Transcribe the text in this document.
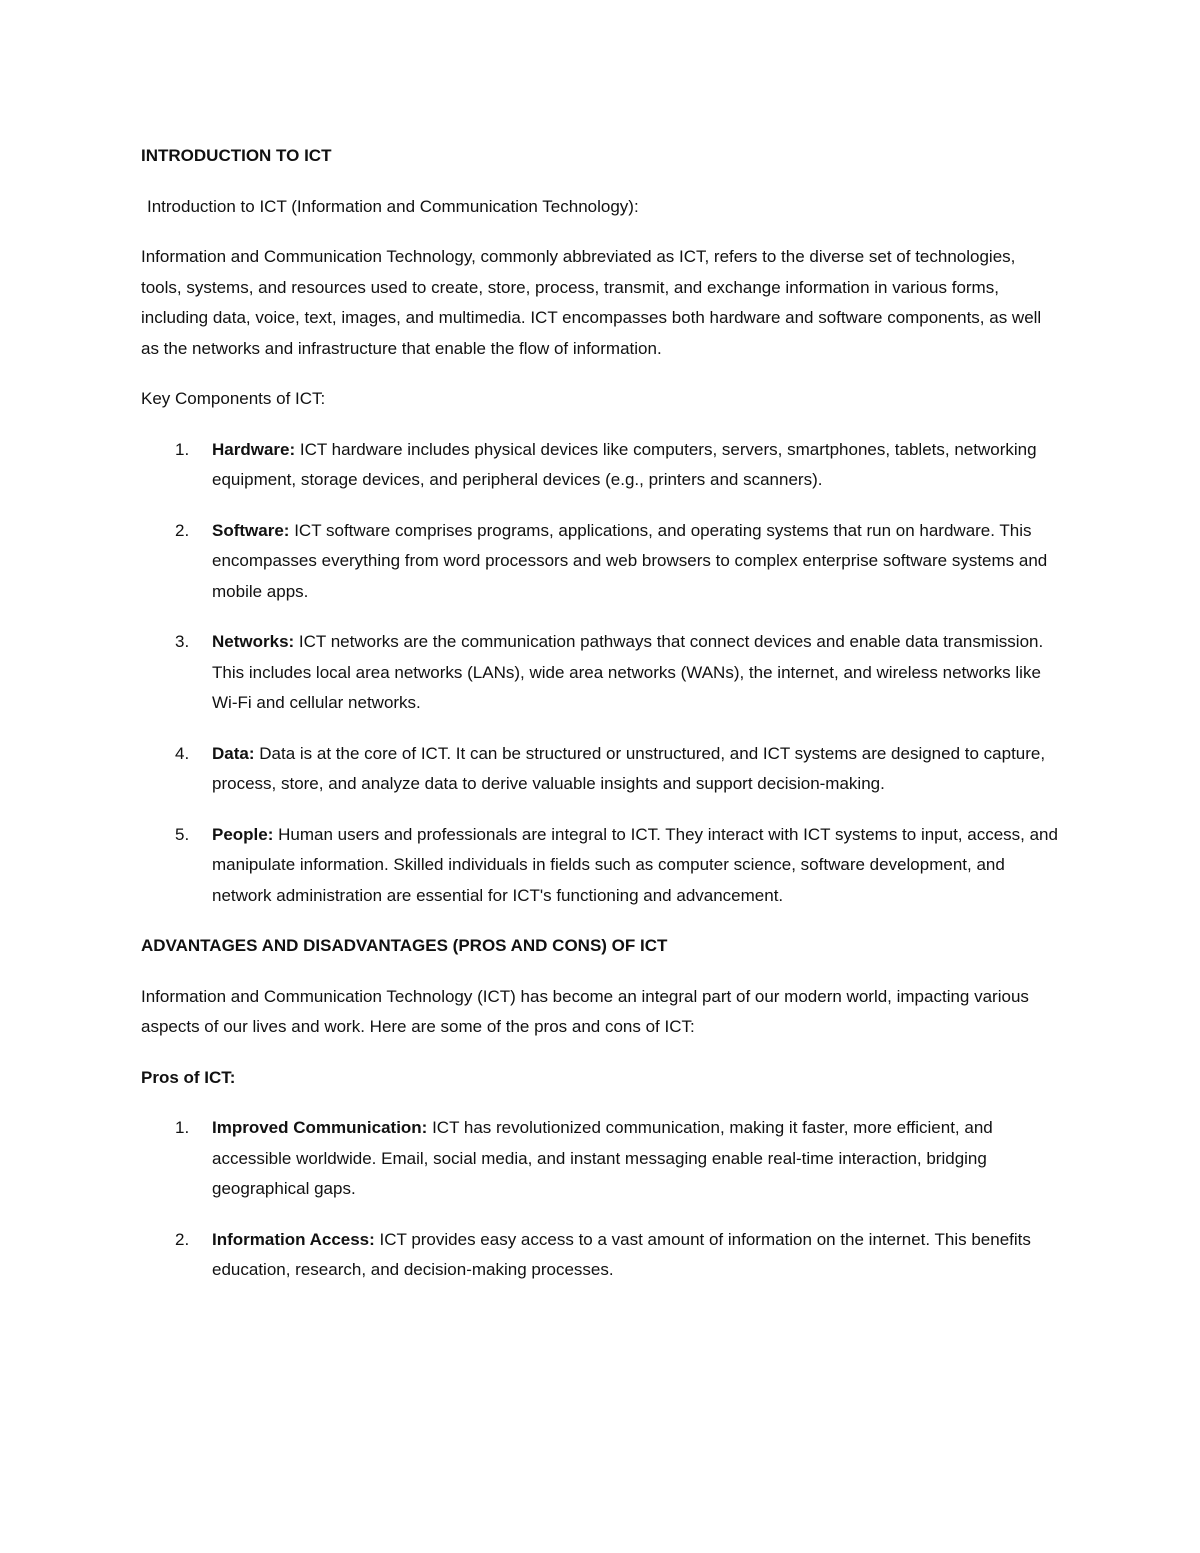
INTRODUCTION TO ICT
Introduction to ICT (Information and Communication Technology):

Information and Communication Technology, commonly abbreviated as ICT, refers to the diverse set of technologies, tools, systems, and resources used to create, store, process, transmit, and exchange information in various forms, including data, voice, text, images, and multimedia. ICT encompasses both hardware and software components, as well as the networks and infrastructure that enable the flow of information.

Key Components of ICT:

1. Hardware: ICT hardware includes physical devices like computers, servers, smartphones, tablets, networking equipment, storage devices, and peripheral devices (e.g., printers and scanners).
2. Software: ICT software comprises programs, applications, and operating systems that run on hardware. This encompasses everything from word processors and web browsers to complex enterprise software systems and mobile apps.
3. Networks: ICT networks are the communication pathways that connect devices and enable data transmission. This includes local area networks (LANs), wide area networks (WANs), the internet, and wireless networks like Wi-Fi and cellular networks.
4. Data: Data is at the core of ICT. It can be structured or unstructured, and ICT systems are designed to capture, process, store, and analyze data to derive valuable insights and support decision-making.
5. People: Human users and professionals are integral to ICT. They interact with ICT systems to input, access, and manipulate information. Skilled individuals in fields such as computer science, software development, and network administration are essential for ICT's functioning and advancement.
ADVANTAGES AND DISADVANTAGES (PROS AND CONS) OF ICT

Information and Communication Technology (ICT) has become an integral part of our modern world, impacting various aspects of our lives and work. Here are some of the pros and cons of ICT:

Pros of ICT:
1. Improved Communication: ICT has revolutionized communication, making it faster, more efficient, and accessible worldwide. Email, social media, and instant messaging enable real-time interaction, bridging geographical gaps.
2. Information Access: ICT provides easy access to a vast amount of information on the internet. This benefits education, research, and decision-making processes.
